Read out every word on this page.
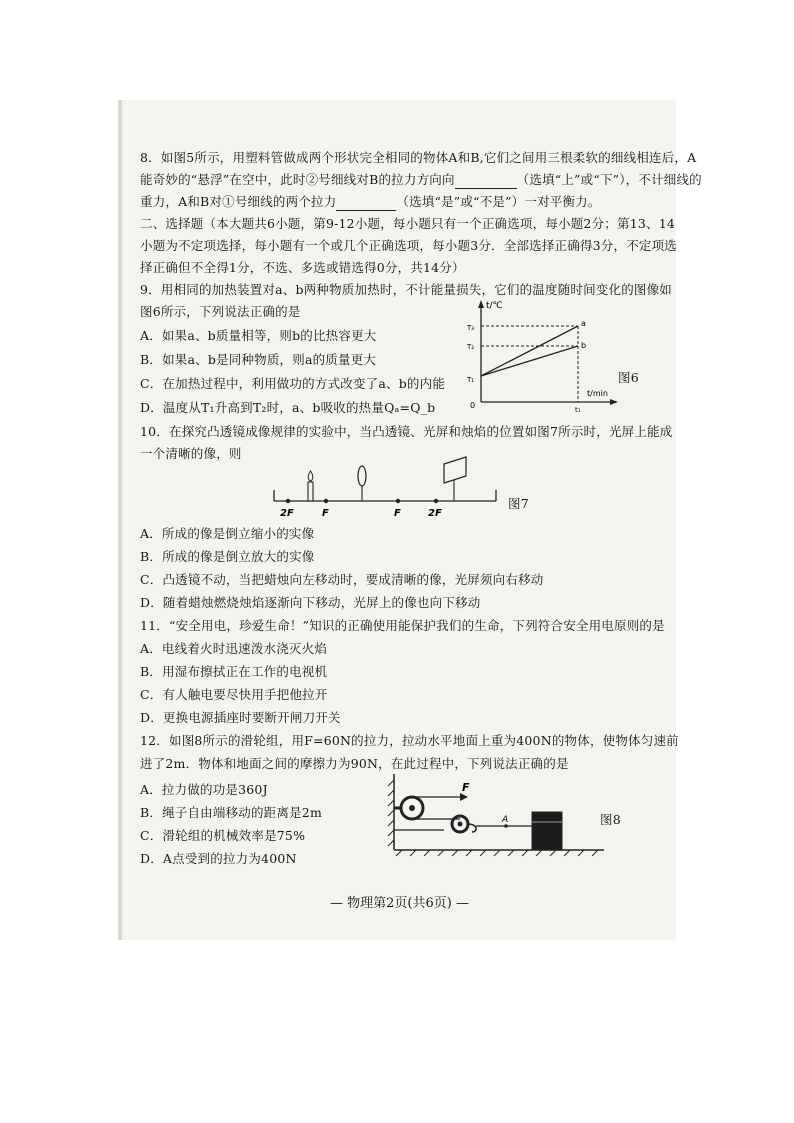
8．如图5所示，用塑料管做成两个形状完全相同的物体A和B,它们之间用三根柔软的细线相连后，A
能奇妙的“悬浮”在空中，此时②号细线对B的拉力方向向	（选填“上”或“下”），不计细线的
重力，A和B对①号细线的两个拉力	（选填“是”或“不是”）一对平衡力。
二、选择题（本大题共6小题，第9-12小题，每小题只有一个正确选项，每小题2分；第13、14
小题为不定项选择，每小题有一个或几个正确选项，每小题3分．全部选择正确得3分，不定项选
择正确但不全得1分，不选、多选或错选得0分，共14分）
9．用相同的加热装置对a、b两种物质加热时，不计能量损失，它们的温度随时间变化的图像如
图6所示，下列说法正确的是
A．如果a、b质量相等，则b的比热容更大
B．如果a、b是同种物质，则a的质量更大
C．在加热过程中，利用做功的方式改变了a、b的内能
D．温度从T₁升高到T₂时，a、b吸收的热量Qₐ=Q_b
t/℃
t/min
0
T₃
T₂
T₁
t₁
a
b
图6
10．在探究凸透镜成像规律的实验中，当凸透镜、光屏和烛焰的位置如图7所示时，光屏上能成
一个清晰的像，则
2F	F	F	2F
图7
A．所成的像是倒立缩小的实像
B．所成的像是倒立放大的实像
C．凸透镜不动，当把蜡烛向左移动时，要成清晰的像，光屏须向右移动
D．随着蜡烛燃烧烛焰逐渐向下移动，光屏上的像也向下移动
11．“安全用电，珍爱生命！”知识的正确使用能保护我们的生命，下列符合安全用电原则的是
A．电线着火时迅速泼水浇灭火焰
B．用湿布擦拭正在工作的电视机
C．有人触电要尽快用手把他拉开
D．更换电源插座时要断开闸刀开关
12．如图8所示的滑轮组，用F=60N的拉力，拉动水平地面上重为400N的物体，使物体匀速前
进了2m．物体和地面之间的摩擦力为90N，在此过程中，下列说法正确的是
A．拉力做的功是360J
B．绳子自由端移动的距离是2m
C．滑轮组的机械效率是75%
D．A点受到的拉力为400N
F
A	图8
— 物理第2页(共6页) —
